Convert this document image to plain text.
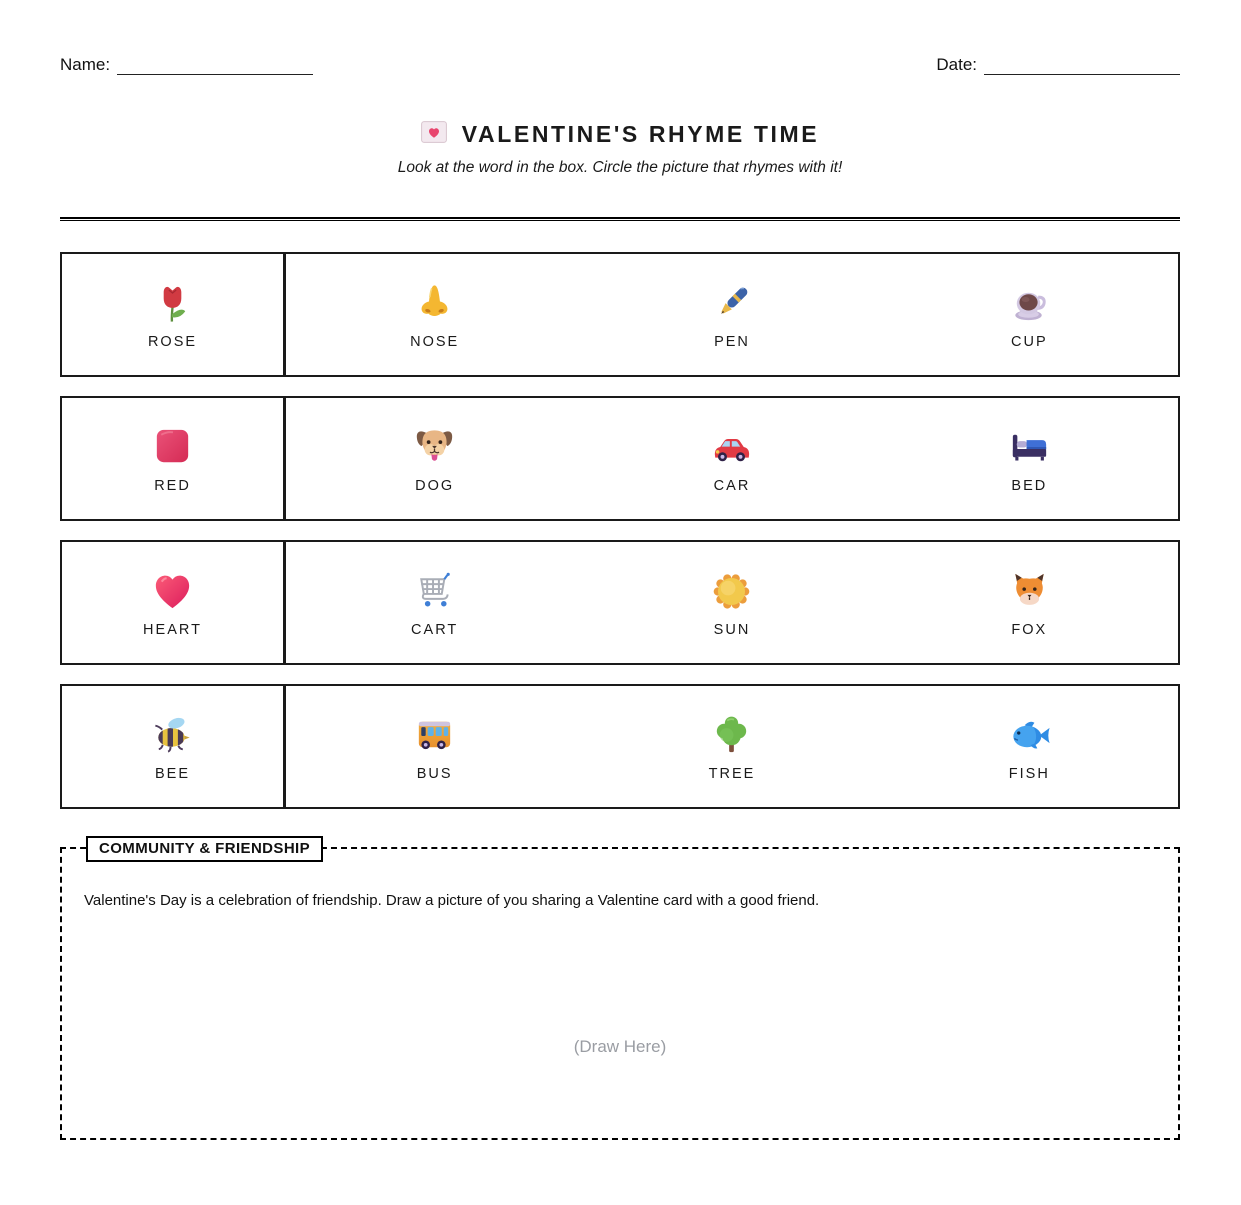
Name:	Date:
VALENTINE'S RHYME TIME
Look at the word in the box. Circle the picture that rhymes with it!
ROSE	NOSE	PEN	CUP
RED	DOG	CAR	BED
HEART	CART	SUN	FOX
BEE	BUS	TREE	FISH
COMMUNITY & FRIENDSHIP
Valentine's Day is a celebration of friendship. Draw a picture of you sharing a Valentine card with a good friend.
(Draw Here)
